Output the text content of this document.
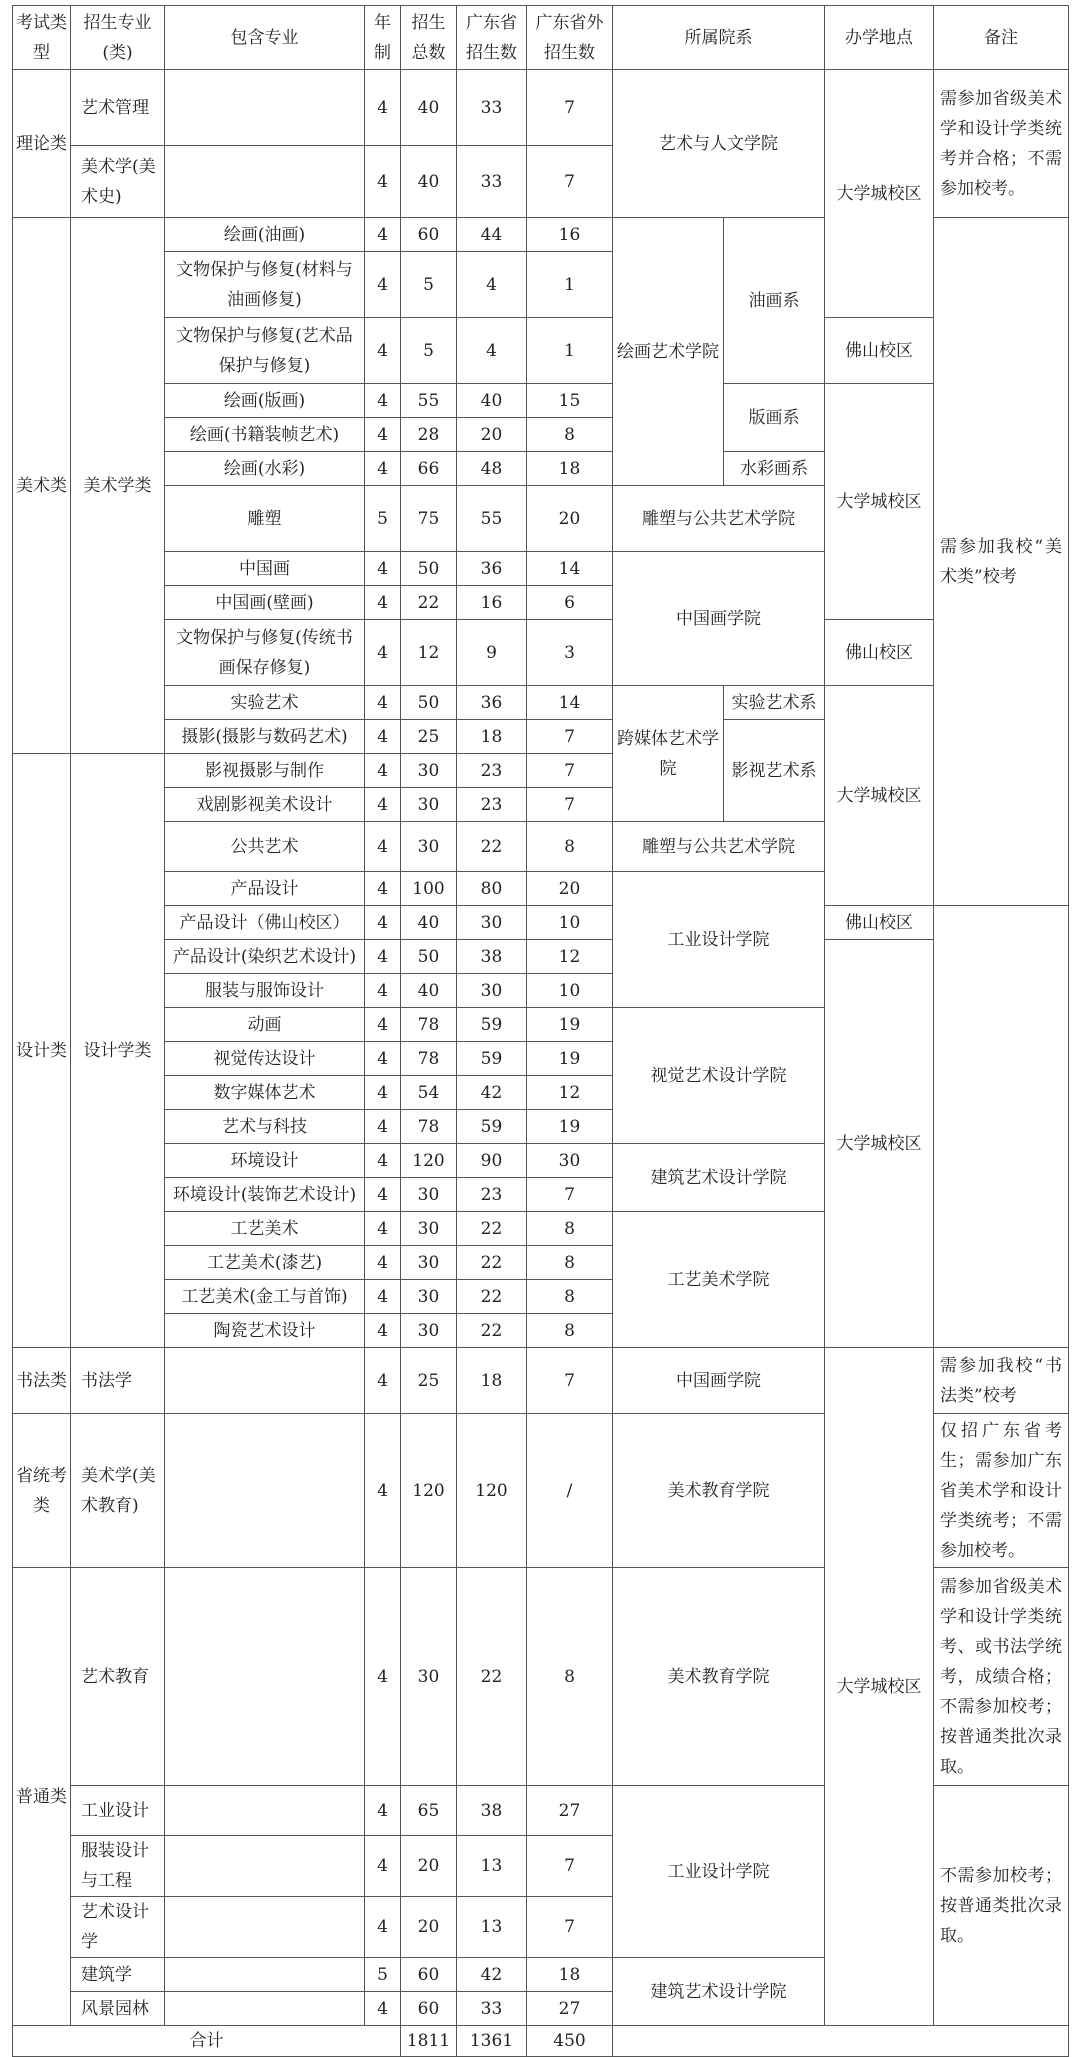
考试类型	招生专业(类)	包含专业	年制	招生总数	广东省招生数	广东省外招生数	所属院系		办学地点	备注	
理论类	艺术管理		4	40	33	7	艺术与人文学院		大学城校区	需参加省级美术学和设计学类统考并合格；不需参加校考。	
	美术学(美术史)		4	40	33	7					
美术类	美术学类	绘画(油画)	4	60	44	16	绘画艺术学院	油画系		需参加我校“美术类”校考	
		文物保护与修复(材料与油画修复)	4	5	4	1					
		文物保护与修复(艺术品保护与修复)	4	5	4	1			佛山校区		
		绘画(版画)	4	55	40	15		版画系	大学城校区		
		绘画(书籍装帧艺术)	4	28	20	8					
		绘画(水彩)	4	66	48	18		水彩画系			
		雕塑	5	75	55	20	雕塑与公共艺术学院				
		中国画	4	50	36	14	中国画学院				
		中国画(壁画)	4	22	16	6					
		文物保护与修复(传统书画保存修复)	4	12	9	3			佛山校区		
		实验艺术	4	50	36	14	跨媒体艺术学院	实验艺术系	大学城校区		
		摄影(摄影与数码艺术)	4	25	18	7		影视艺术系			
设计类	设计学类	影视摄影与制作	4	30	23	7	
		戏剧影视美术设计	4	30	23	7					
		公共艺术	4	30	22	8	雕塑与公共艺术学院				
		产品设计	4	100	80	20	工业设计学院				
		产品设计（佛山校区）	4	40	30	10			佛山校区		
		产品设计(染织艺术设计)	4	50	38	12			大学城校区		
		服装与服饰设计	4	40	30	10					
		动画	4	78	59	19	视觉艺术设计学院				
		视觉传达设计	4	78	59	19					
		数字媒体艺术	4	54	42	12					
		艺术与科技	4	78	59	19					
		环境设计	4	120	90	30	建筑艺术设计学院				
		环境设计(装饰艺术设计)	4	30	23	7					
		工艺美术	4	30	22	8	工艺美术学院				
		工艺美术(漆艺)	4	30	22	8					
		工艺美术(金工与首饰)	4	30	22	8					
		陶瓷艺术设计	4	30	22	8					
书法类	书法学		4	25	18	7	中国画学院		大学城校区	需参加我校“书法类”校考	
省统考类	美术学(美术教育)		4	120	120	/	美术教育学院			仅招广东省考生；需参加广东省美术学和设计学类统考；不需参加校考。	
普通类	艺术教育		4	30	22	8	美术教育学院			需参加省级美术学和设计学类统考、或书法学统考，成绩合格；不需参加校考；按普通类批次录取。	
	工业设计		4	65	38	27	工业设计学院			不需参加校考；按普通类批次录取。	
	服装设计与工程		4	20	13	7					
	艺术设计学		4	20	13	7					
	建筑学		5	60	42	18	建筑艺术设计学院				
	风景园林		4	60	33	27					
合计				1811	1361	450					
